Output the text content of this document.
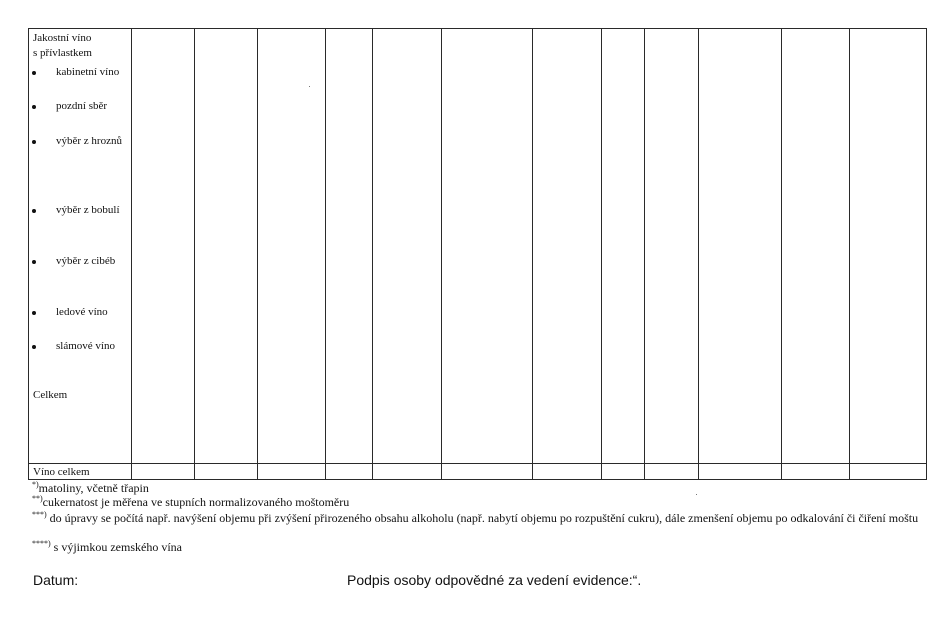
Jakostní víno
s přívlastkem
kabinetní víno
pozdní sběr
výběr z hroznů
výběr z bobulí
výběr z cibéb
ledové víno
slámové víno
Celkem
Víno celkem
*)matoliny, včetně třapin
**)cukernatost je měřena ve stupních normalizovaného moštoměru
***) do úpravy se počítá např. navýšení objemu při zvýšení přirozeného obsahu alkoholu (např. nabytí objemu po rozpuštění cukru), dále zmenšení objemu po odkalování či čiření moštu
****) s výjimkou zemského vína
Datum:	Podpis osoby odpovědné za vedení evidence:“.
